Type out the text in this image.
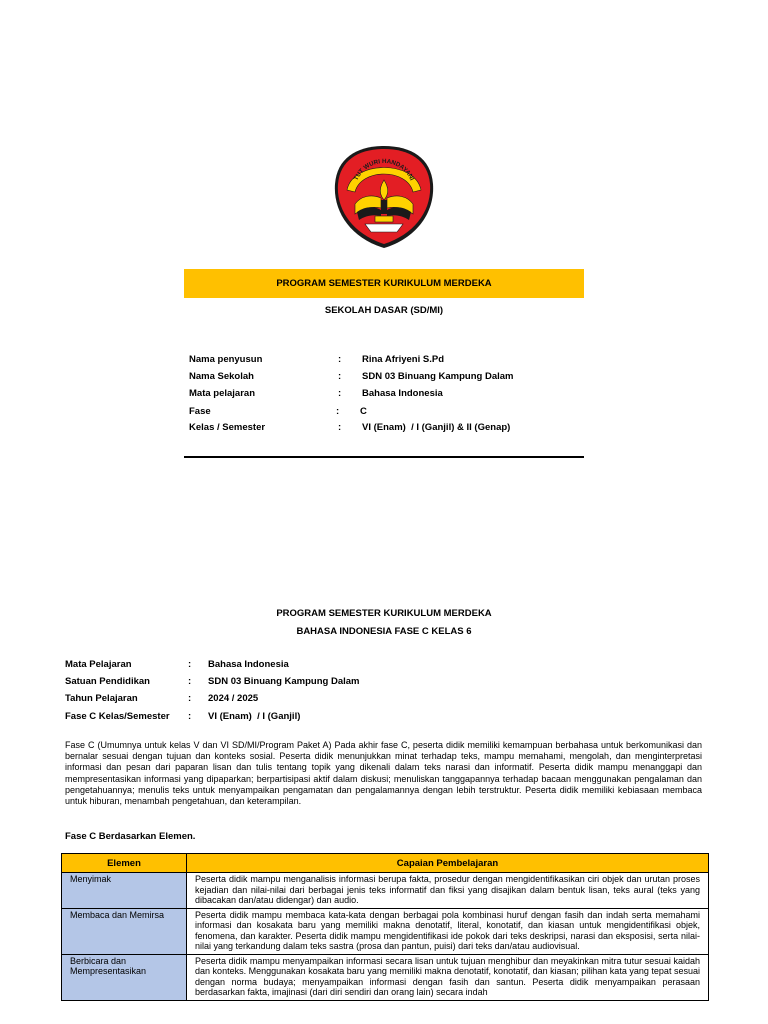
TUT WURI HANDAYANI
PROGRAM SEMESTER KURIKULUM MERDEKA
SEKOLAH DASAR (SD/MI)
Nama penyusun	: Rina Afriyeni S.Pd
Nama Sekolah	: SDN 03 Binuang Kampung Dalam
Mata pelajaran	: Bahasa Indonesia
Fase	: C
Kelas / Semester	: VI (Enam)  / I (Ganjil) & II (Genap)
PROGRAM SEMESTER KURIKULUM MERDEKA
BAHASA INDONESIA FASE C KELAS 6
Mata Pelajaran	: Bahasa Indonesia
Satuan Pendidikan	: SDN 03 Binuang Kampung Dalam
Tahun Pelajaran	: 2024 / 2025
Fase C Kelas/Semester : VI (Enam)  / I (Ganjil)
Fase C (Umumnya untuk kelas V dan VI SD/MI/Program Paket A) Pada akhir fase C, peserta didik memiliki kemampuan berbahasa untuk berkomunikasi dan bernalar sesuai dengan tujuan dan konteks sosial. Peserta didik menunjukkan minat terhadap teks, mampu memahami, mengolah, dan menginterpretasi informasi dan pesan dari paparan lisan dan tulis tentang topik yang dikenali dalam teks narasi dan informatif. Peserta didik mampu menanggapi dan mempresentasikan informasi yang dipaparkan; berpartisipasi aktif dalam diskusi; menuliskan tanggapannya terhadap bacaan menggunakan pengalaman dan pengetahuannya; menulis teks untuk menyampaikan pengamatan dan pengalamannya dengan lebih terstruktur. Peserta didik memiliki kebiasaan membaca untuk hiburan, menambah pengetahuan, dan keterampilan.
Fase C Berdasarkan Elemen.
Elemen	Capaian Pembelajaran
Menyimak	Peserta didik mampu menganalisis informasi berupa fakta, prosedur dengan mengidentifikasikan ciri objek dan urutan proses kejadian dan nilai-nilai dari berbagai jenis teks informatif dan fiksi yang disajikan dalam bentuk lisan, teks aural (teks yang dibacakan dan/atau didengar) dan audio.
Membaca dan Memirsa	Peserta didik mampu membaca kata-kata dengan berbagai pola kombinasi huruf dengan fasih dan indah serta memahami informasi dan kosakata baru yang memiliki makna denotatif, literal, konotatif, dan kiasan untuk mengidentifikasi objek, fenomena, dan karakter. Peserta didik mampu mengidentifikasi ide pokok dari teks deskripsi, narasi dan eksposisi, serta nilai-nilai yang terkandung dalam teks sastra (prosa dan pantun, puisi) dari teks dan/atau audiovisual.
Berbicara dan Mempresentasikan	Peserta didik mampu menyampaikan informasi secara lisan untuk tujuan menghibur dan meyakinkan mitra tutur sesuai kaidah dan konteks. Menggunakan kosakata baru yang memiliki makna denotatif, konotatif, dan kiasan; pilihan kata yang tepat sesuai dengan norma budaya; menyampaikan informasi dengan fasih dan santun. Peserta didik menyampaikan perasaan berdasarkan fakta, imajinasi (dari diri sendiri dan orang lain) secara indah
